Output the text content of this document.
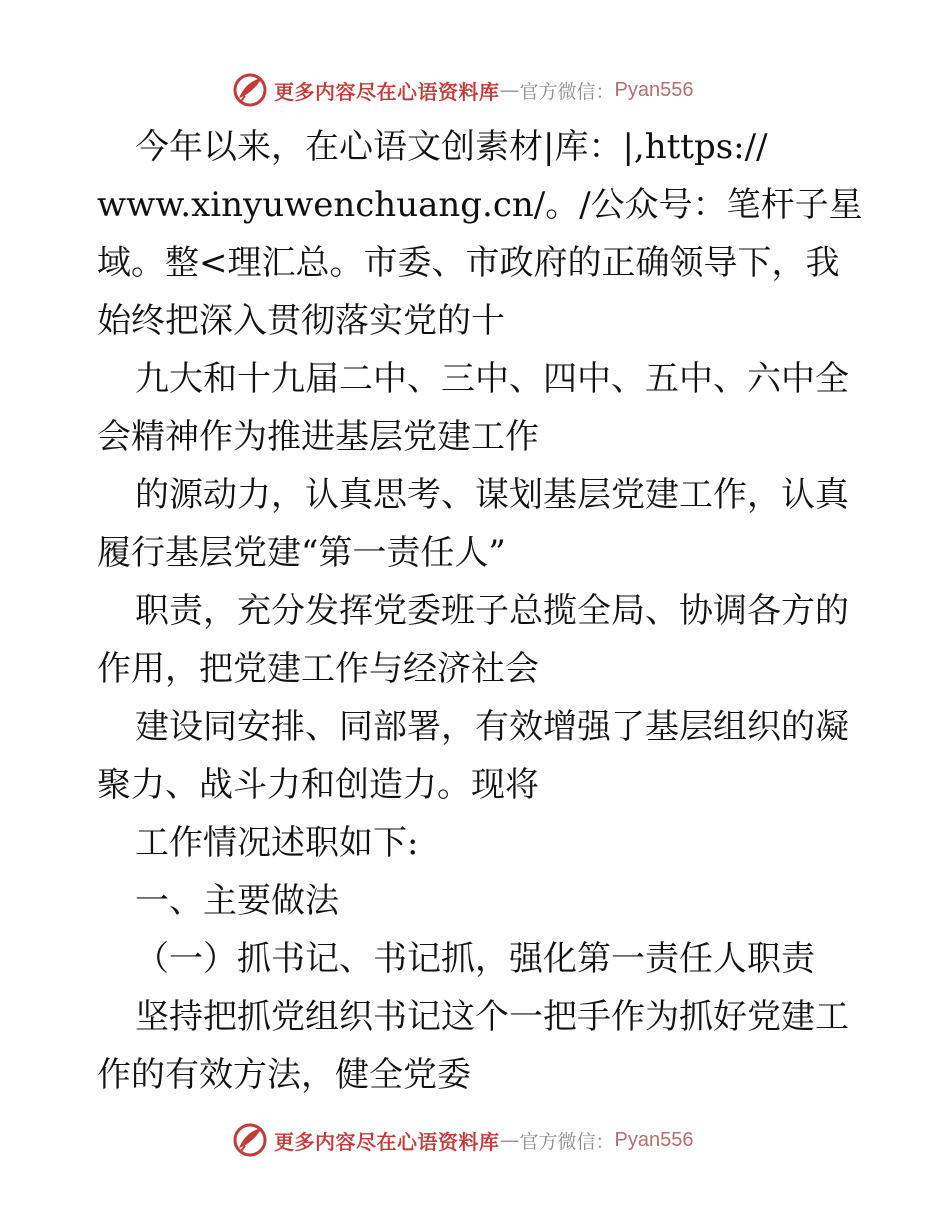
更多内容尽在心语资料库 — 官方微信： Pyan556
今年以来，在心语文创素材|库：|,https://
www.xinyuwenchuang.cn/。/公众号：笔杆子星
域。整<理汇总。市委、市政府的正确领导下，我
始终把深入贯彻落实党的十
九大和十九届二中、三中、四中、五中、六中全
会精神作为推进基层党建工作
的源动力，认真思考、谋划基层党建工作，认真
履行基层党建“第一责任人”
职责，充分发挥党委班子总揽全局、协调各方的
作用，把党建工作与经济社会
建设同安排、同部署，有效增强了基层组织的凝
聚力、战斗力和创造力。现将
工作情况述职如下:
一、主要做法
（一）抓书记、书记抓，强化第一责任人职责
坚持把抓党组织书记这个一把手作为抓好党建工
作的有效方法，健全党委
更多内容尽在心语资料库 — 官方微信： Pyan556
